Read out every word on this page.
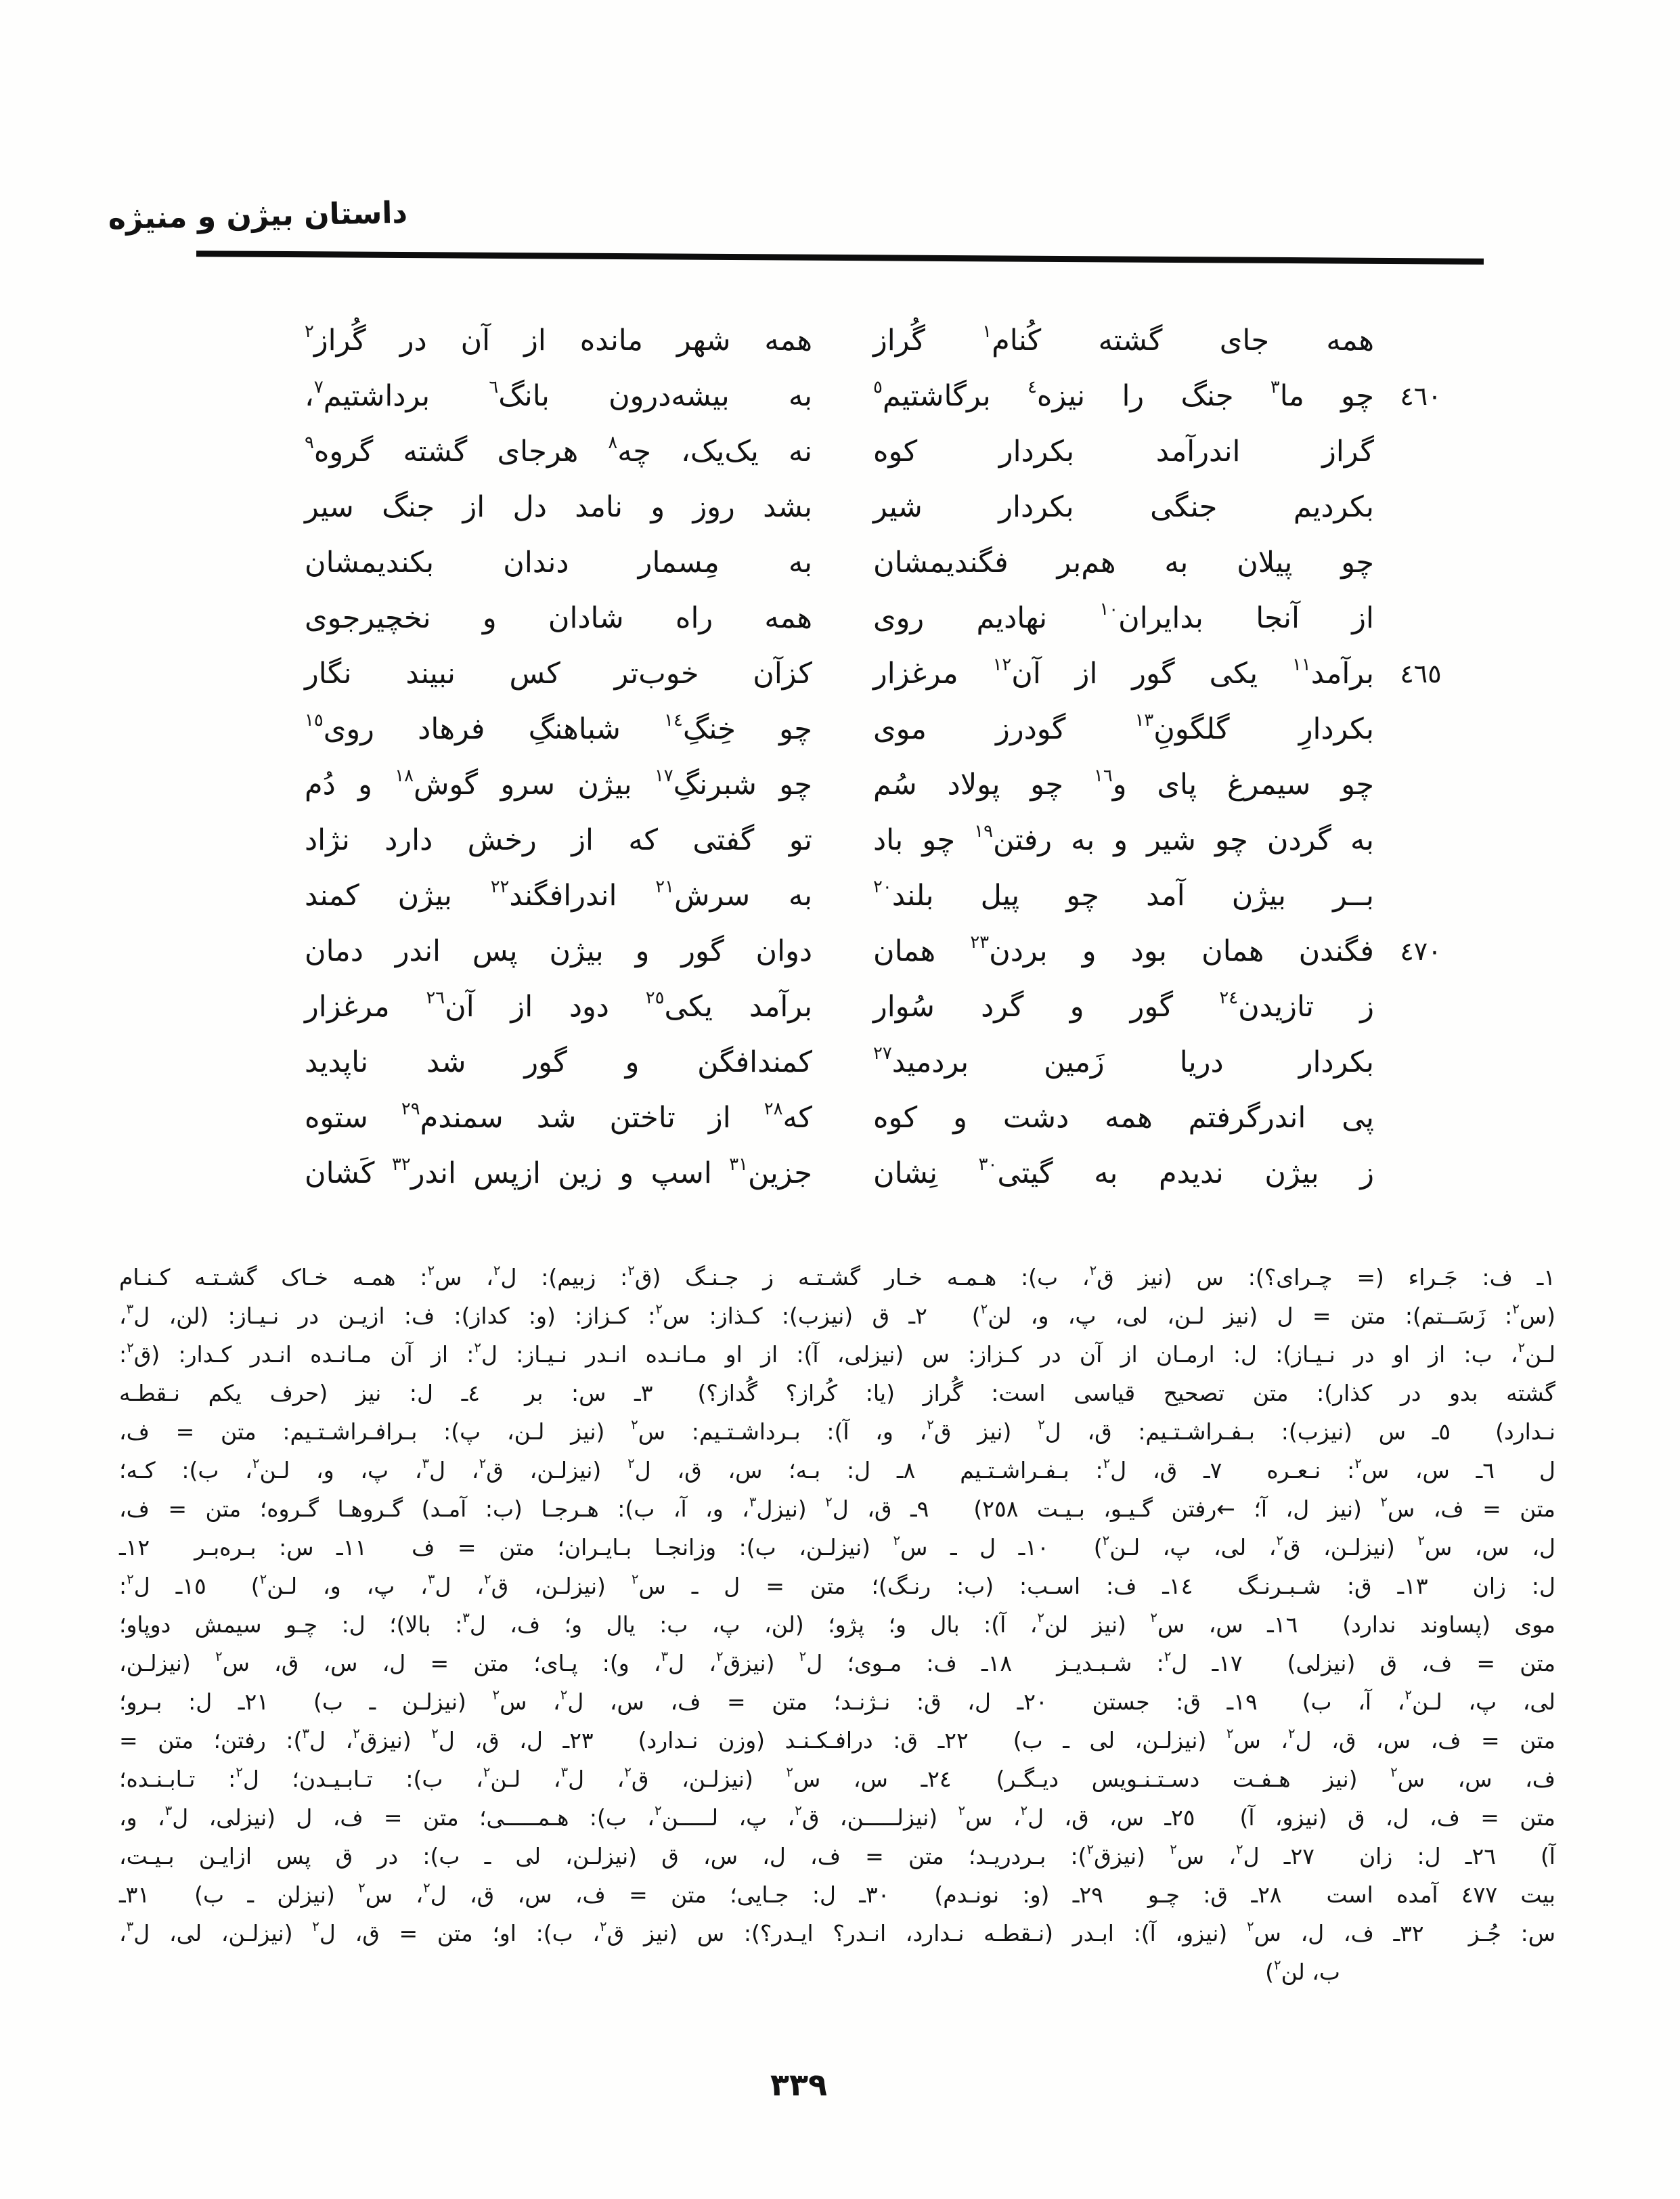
داستان بیژن و منیژه
همه جای گشته کُنام$^١$ گُراز
همه شهر مانده از آن در گُراز$^٢$
٤٦٠
چو ما$^٣$ جنگ را نیزه$^٤$ برگاشتیم$^٥$
به بیشه‌درون بانگ$^٦$ برداشتیم$^٧$،
گراز اندرآمد بکردار کوه
نه یک‌یک، چه$^٨$ هرجای گشته گروه$^٩$
بکردیم جنگی بکردار شیر
بشد روز و نامد دل از جنگ سیر
چو پیلان به هم‌بر فگندیمشان
به مِسمار دندان بکندیمشان
از آنجا بدایران$^{١٠}$ نهادیم روی
همه راه شادان و نخچیرجوی
٤٦٥
برآمد$^{١١}$ یکی گور از آن$^{١٢}$ مرغزار
کزآن خوب‌تر کس نبیند نگار
بکردارِ گلگونِ$^{١٣}$ گودرز موی
چو خِنگِ$^{١٤}$ شباهنگِ فرهاد روی$^{١٥}$
چو سیمرغ پای و$^{١٦}$ چو پولاد سُم
چو شبرنگِ$^{١٧}$ بیژن سرو گوش$^{١٨}$ و دُم
به گردن چو شیر و به رفتن$^{١٩}$ چو باد
تو گفتی که از رخش دارد نژاد
بــر بیژن آمد چو پیل بلند$^{٢٠}$
به سرش$^{٢١}$ اندرافگند$^{٢٢}$ بیژن کمند
٤٧٠
فگندن همان بود و بردن$^{٢٣}$ همان
دوان گور و بیژن پس اندر دمان
ز تازیدن$^{٢٤}$ گور و گرد سُوار
برآمد یکی$^{٢٥}$ دود از آن$^{٢٦}$ مرغزار
بکردار دریا زَمین بردمید$^{٢٧}$
کمندافگن و گور شد ناپدید
پی اندرگرفتم همه دشت و کوه
که$^{٢٨}$ از تاختن شد سمندم$^{٢٩}$ ستوه
ز بیژن ندیدم به گیتی$^{٣٠}$ نِشان
جزین$^{٣١}$ اسپ و زین ازپس اندر$^{٣٢}$ کَشان
١ـ ف: جَـراء (= چـرای؟): س (نیز ق$^٢$، ب): هـمـه خـار گشـتـه ز جـنـگ (ق$^٢$: زبیم): ل$^٢$، س$^٢$: همـه خـاک گشـتـه کـنـام
(س$^٢$: زَسَــتم): متن = ل (نیز لـن، لی، پ، و، لن$^٢$)  ٢ـ ق (نیزب): کـذاز: س$^٢$: کـزاز: (و: کداز): ف: ازیـن در نـیـاز: (لن، ل$^٣$،
لـن$^٢$، ب: از او در نـیـاز): ل: ارمـان از آن در کـزاز: س (نیزلی، آ): از او مـانـده انـدر نـیـاز: ل$^٢$: از آن مـانـده انـدر کـدار: (ق$^٢$:
گشته بدو در کذار): متن تصحیح قیاسی است: گُراز (یا: کُراز؟ گُداز؟)  ٣ـ س: بر  ٤ـ ل: نیز (حرف یکم نـقطـه
نـدارد)  ٥ـ س (نیزب): بـفـراشـتـیم: ق، ل$^٢$ (نیز ق$^٢$، و، آ): بـرداشـتـیم: س$^٢$ (نیز لـن، پ): بـرافـراشـتـیم: متن = ف،
ل  ٦ـ س، س$^٢$: نـعـره  ٧ـ ق، ل$^٢$: بـفـراشـتـیم  ٨ـ ل: بـه؛ س، ق، ل$^٢$ (نیزلـن، ق$^٢$، ل$^٣$، پ، و، لـن$^٢$، ب): کـه؛
متن = ف، س$^٢$ (نیز ل، آ؛ ←رفتن گـیـو، بـیـت ٢٥٨)  ٩ـ ق، ل$^٢$ (نیزل$^٣$، و، آ، ب): هـرجـا (ب: آمـد) گـروهـا گـروه؛ متن = ف،
ل، س، س$^٢$ (نیزلـن، ق$^٢$، لی، پ، لـن$^٢$)  ١٠ـ ل ـ س$^٢$ (نیزلـن، ب): وزانجـا بـایـران؛ متن = ف  ١١ـ س: بـره‌بـر  ١٢ـ
ل: زان  ١٣ـ ق: شـبـرنـگ  ١٤ـ ف: اسـب: (ب: رنـگ)؛ متن = ل ـ س$^٢$ (نیزلـن، ق$^٢$، ل$^٣$، پ، و، لـن$^٢$)  ١٥ـ ل$^٢$:
موی (پساوند ندارد)  ١٦ـ س، س$^٢$ (نیز لن$^٢$، آ): بال و؛ پژو؛ (لن، پ، ب: یال و؛ ف، ل$^٣$: بالا)؛ ل: چـو سیمش دوپاو؛
متن = ف، ق (نیزلی)  ١٧ـ ل$^٢$: شـبـدیـز  ١٨ـ ف: مـوی؛ ل$^٢$ (نیزق$^٢$، ل$^٣$، و): پـای؛ متن = ل، س، ق، س$^٢$ (نیزلـن،
لی، پ، لـن$^٢$، آ، ب)  ١٩ـ ق: جستن  ٢٠ـ ل، ق: نـژنـد؛ متن = ف، س، ل$^٢$، س$^٢$ (نیزلـن ـ ب)  ٢١ـ ل: بـرو؛
متن = ف، س، ق، ل$^٢$، س$^٢$ (نیزلـن، لی ـ ب)  ٢٢ـ ق: درافـکـنـد (وزن نـدارد)  ٢٣ـ ل، ق، ل$^٢$ (نیزق$^٢$، ل$^٣$): رفتن؛ متن =
ف، س، س$^٢$ (نیز هـفـت دسـتـنـویس دیـگـر)  ٢٤ـ س، س$^٢$ (نیزلـن، ق$^٢$، ل$^٣$، لـن$^٢$، ب): تـابـیـدن؛ ل$^٢$: تـابـنـده؛
متن = ف، ل، ق (نیزو، آ)  ٢٥ـ س، ق، ل$^٢$، س$^٢$ (نیزلـــــن، ق$^٢$، پ، لـــــن$^٢$، ب): هـمـــــی؛ متن = ف، ل (نیزلی، ل$^٣$، و،
آ)  ٢٦ـ ل: زان  ٢٧ـ ل$^٢$، س$^٢$ (نیزق$^٢$): بـردریـد؛ متن = ف، ل، س، ق (نیزلـن، لی ـ ب): در ق پس ازایـن بـیـت،
بیت ٤٧٧ آمده است  ٢٨ـ ق: چـو  ٢٩ـ (و: نونـدم)  ٣٠ـ ل: جـایی؛ متن = ف، س، ق، ل$^٢$، س$^٢$ (نیزلن ـ ب)  ٣١ـ
س: جُـز  ٣٢ـ ف، ل، س$^٢$ (نیزو، آ): ابـدر (نـقطـه نـدارد، انـدر؟ ایـدر؟): س (نیز ق$^٢$، ب): او؛ متن = ق، ل$^٢$ (نیزلـن، لی، ل$^٣$،
ب، لن$^٢$)
٣٣٩
